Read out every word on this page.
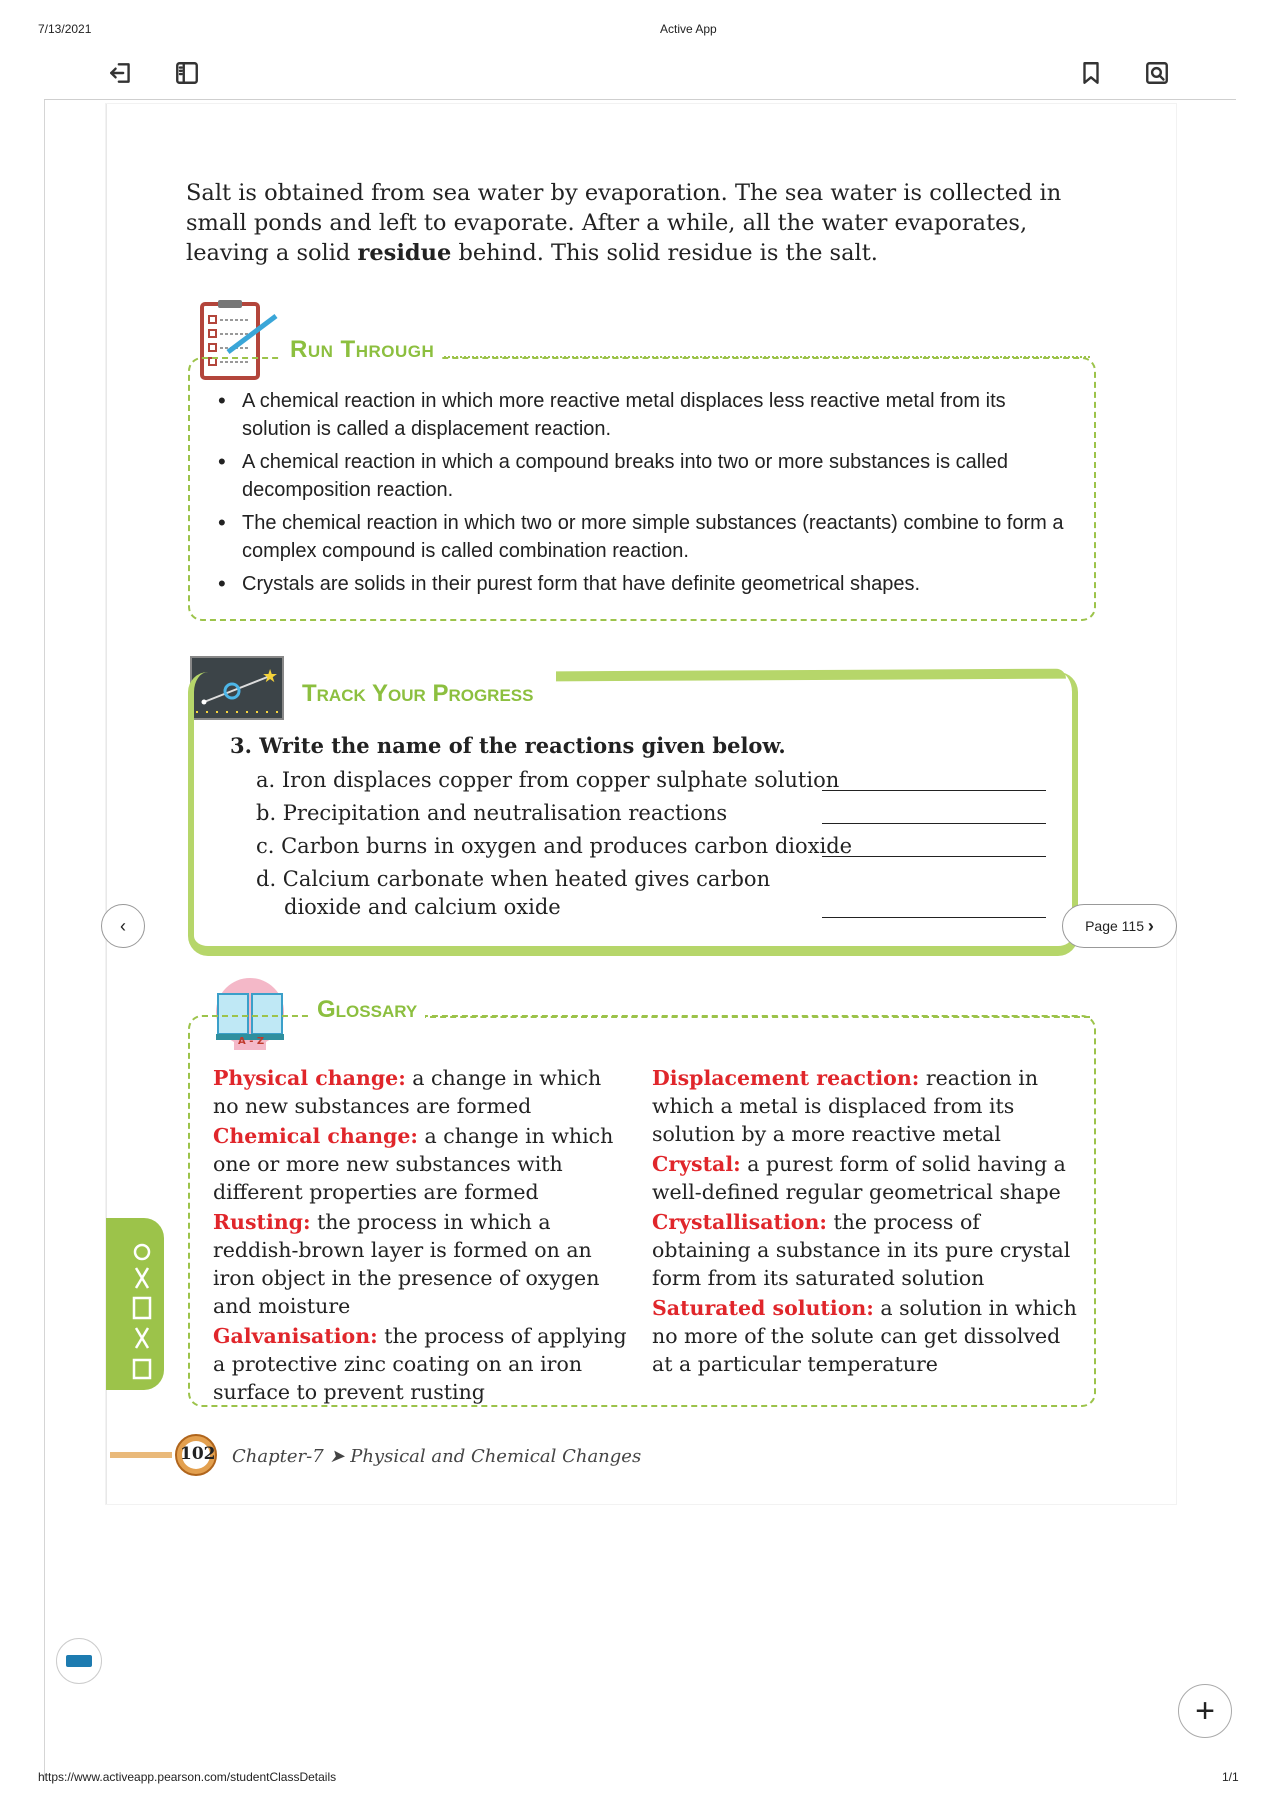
7/13/2021	Active App
Salt is obtained from sea water by evaporation. The sea water is collected in small ponds and left to evaporate. After a while, all the water evaporates, leaving a solid residue behind. This solid residue is the salt.
Run Through
• A chemical reaction in which more reactive metal displaces less reactive metal from its solution is called a displacement reaction.
• A chemical reaction in which a compound breaks into two or more substances is called decomposition reaction.
• The chemical reaction in which two or more simple substances (reactants) combine to form a complex compound is called combination reaction.
• Crystals are solids in their purest form that have definite geometrical shapes.
★
Track Your Progress
3. Write the name of the reactions given below.
a. Iron displaces copper from copper sulphate solution
b. Precipitation and neutralisation reactions
c. Carbon burns in oxygen and produces carbon dioxide
d. Calcium carbonate when heated gives carbon
dioxide and calcium oxide
‹	Page 115
›
A - Z
Glossary

Physical change: a change in which no new substances are formed

Chemical change: a change in which one or more new substances with different properties are formed

Rusting: the process in which a reddish-brown layer is formed on an iron object in the presence of oxygen and moisture

Galvanisation: the process of applying a protective zinc coating on an iron surface to prevent rusting

Displacement reaction: reaction in which a metal is displaced from its solution by a more reactive metal

Crystal: a purest form of solid having a well-defined regular geometrical shape

Crystallisation: the process of obtaining a substance in its pure crystal form from its saturated solution

Saturated solution: a solution in which no more of the solute can get dissolved at a particular temperature

102 Chapter-7 ➤ Physical and Chemical Changes
+
https://www.activeapp.pearson.com/studentClassDetails	1/1
